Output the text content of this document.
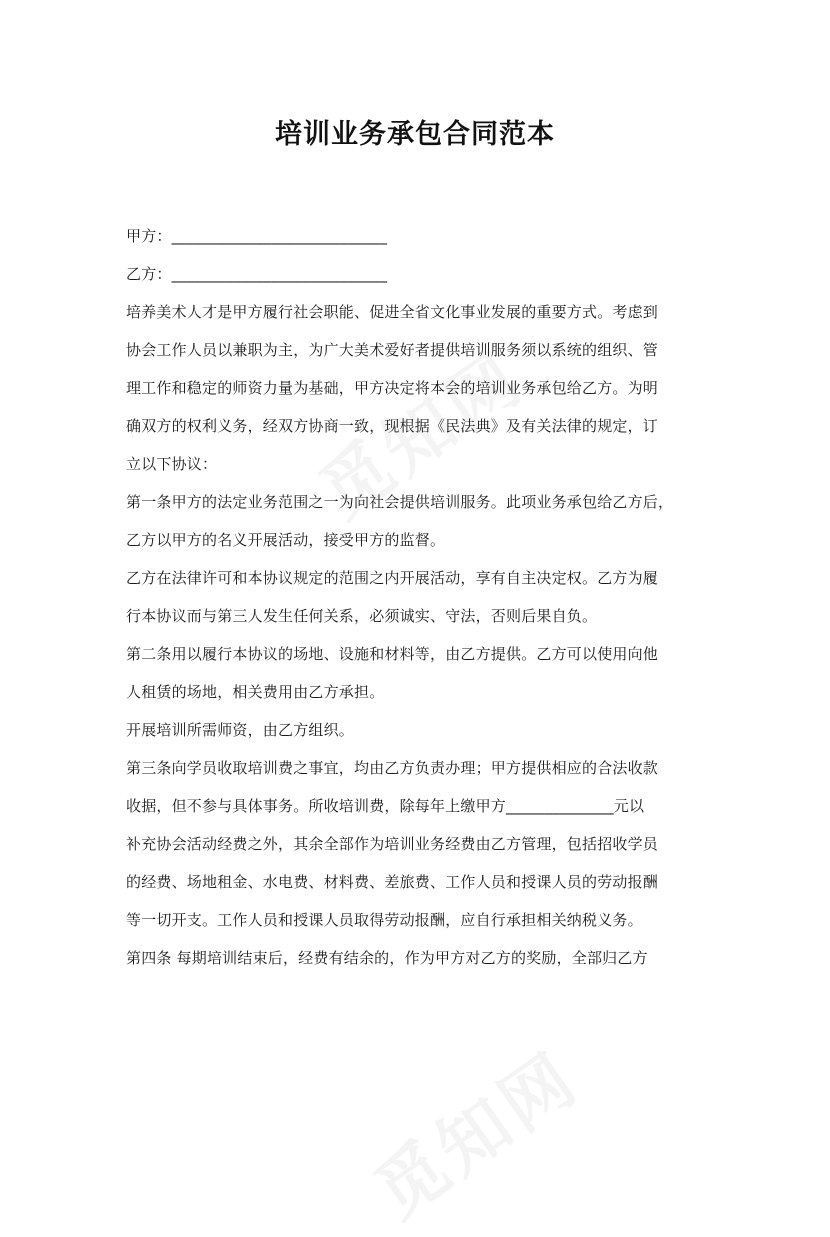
培训业务承包合同范本
甲方：____________________________
乙方：____________________________
培养美术人才是甲方履行社会职能、促进全省文化事业发展的重要方式。考虑到
协会工作人员以兼职为主，为广大美术爱好者提供培训服务须以系统的组织、管
理工作和稳定的师资力量为基础，甲方决定将本会的培训业务承包给乙方。为明
确双方的权利义务，经双方协商一致，现根据《民法典》及有关法律的规定，订
立以下协议：
第一条甲方的法定业务范围之一为向社会提供培训服务。此项业务承包给乙方后，
乙方以甲方的名义开展活动，接受甲方的监督。
乙方在法律许可和本协议规定的范围之内开展活动，享有自主决定权。乙方为履
行本协议而与第三人发生任何关系，必须诚实、守法，否则后果自负。
第二条用以履行本协议的场地、设施和材料等，由乙方提供。乙方可以使用向他
人租赁的场地，相关费用由乙方承担。
开展培训所需师资，由乙方组织。
第三条向学员收取培训费之事宜，均由乙方负责办理；甲方提供相应的合法收款
收据，但不参与具体事务。所收培训费，除每年上缴甲方______________元以
补充协会活动经费之外，其余全部作为培训业务经费由乙方管理，包括招收学员
的经费、场地租金、水电费、材料费、差旅费、工作人员和授课人员的劳动报酬
等一切开支。工作人员和授课人员取得劳动报酬，应自行承担相关纳税义务。
第四条 每期培训结束后，经费有结余的，作为甲方对乙方的奖励，全部归乙方
